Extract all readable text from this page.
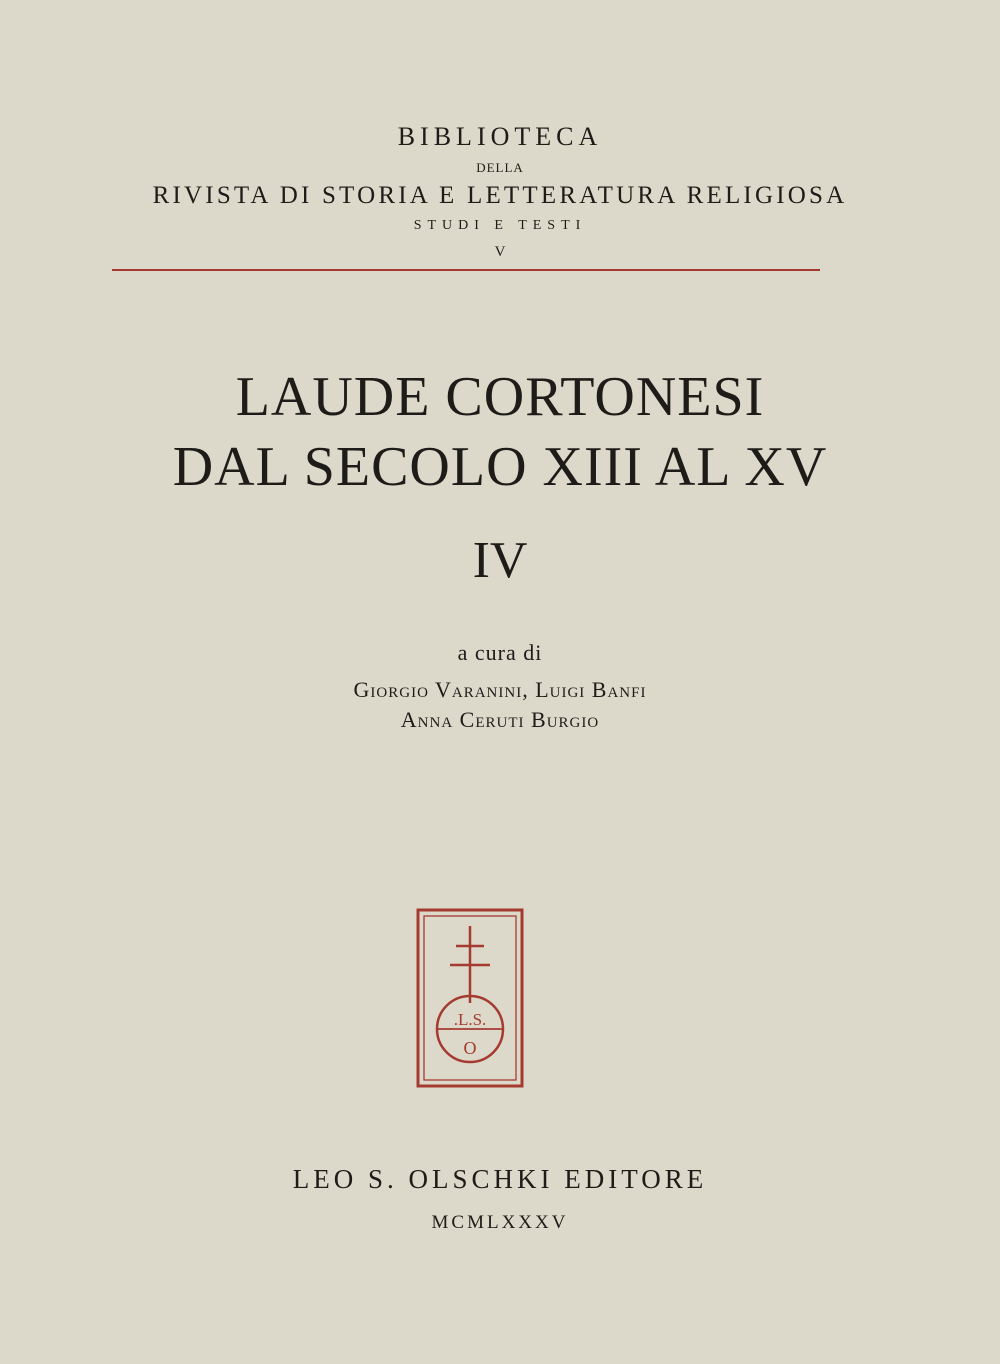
BIBLIOTECA
DELLA
RIVISTA DI STORIA E LETTERATURA RELIGIOSA
STUDI E TESTI
V
LAUDE CORTONESI
DAL SECOLO XIII AL XV
IV
a cura di
Giorgio Varanini, Luigi Banfi
Anna Ceruti Burgio
.L.S.
O
LEO S. OLSCHKI EDITORE
MCMLXXXV
